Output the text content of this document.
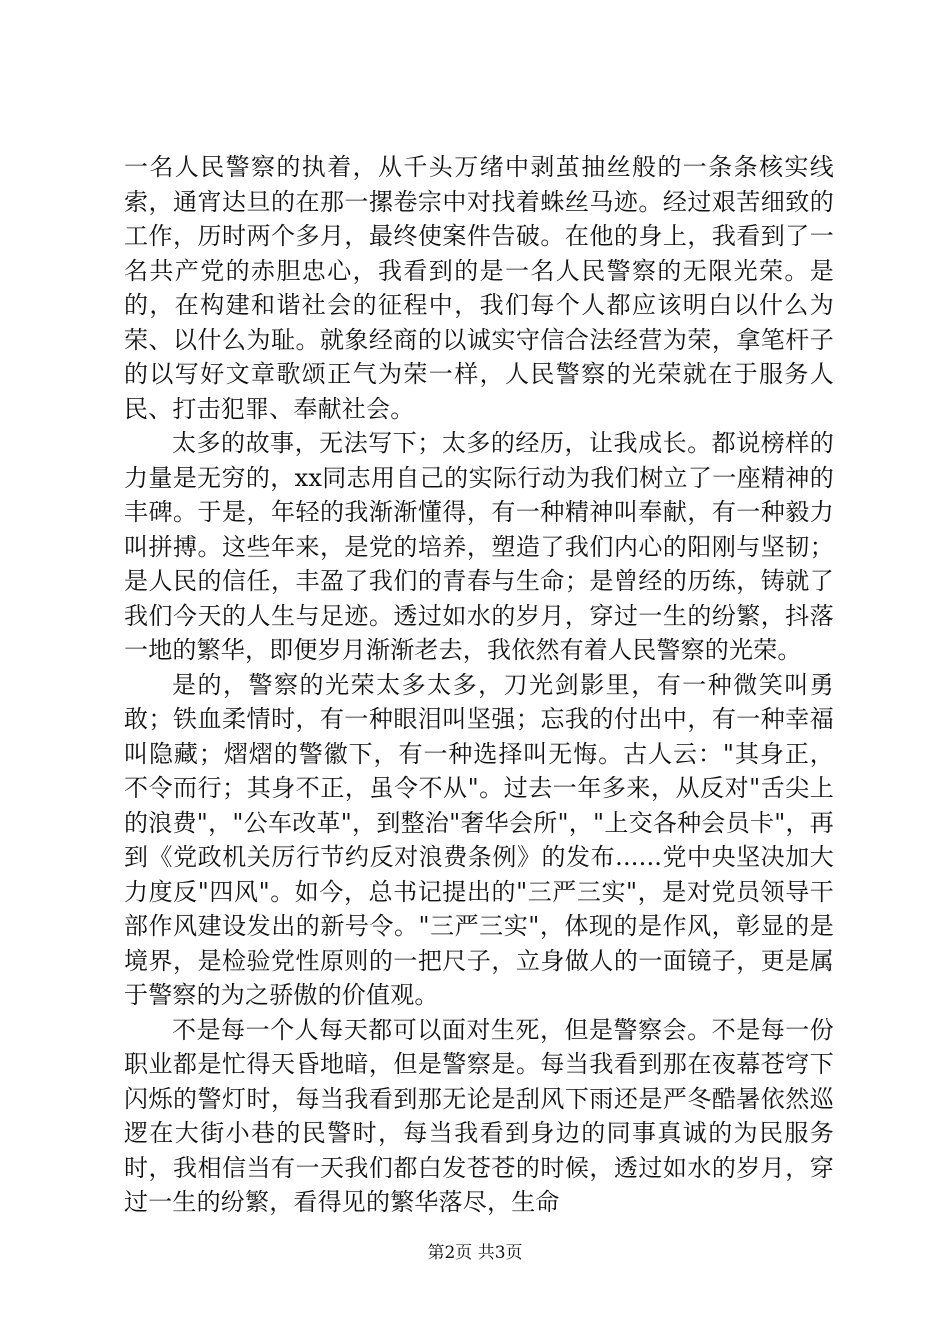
一名人民警察的执着，从千头万绪中剥茧抽丝般的一条条核实线索，通宵达旦的在那一摞卷宗中对找着蛛丝马迹。经过艰苦细致的工作，历时两个多月，最终使案件告破。在他的身上，我看到了一名共产党的赤胆忠心，我看到的是一名人民警察的无限光荣。是的，在构建和谐社会的征程中，我们每个人都应该明白以什么为荣、以什么为耻。就象经商的以诚实守信合法经营为荣，拿笔杆子的以写好文章歌颂正气为荣一样，人民警察的光荣就在于服务人民、打击犯罪、奉献社会。

太多的故事，无法写下；太多的经历，让我成长。都说榜样的力量是无穷的，xx同志用自己的实际行动为我们树立了一座精神的丰碑。于是，年轻的我渐渐懂得，有一种精神叫奉献，有一种毅力叫拼搏。这些年来，是党的培养，塑造了我们内心的阳刚与坚韧；是人民的信任，丰盈了我们的青春与生命；是曾经的历练，铸就了我们今天的人生与足迹。透过如水的岁月，穿过一生的纷繁，抖落一地的繁华，即便岁月渐渐老去，我依然有着人民警察的光荣。

是的，警察的光荣太多太多，刀光剑影里，有一种微笑叫勇敢；铁血柔情时，有一种眼泪叫坚强；忘我的付出中，有一种幸福叫隐藏；熠熠的警徽下，有一种选择叫无悔。古人云："其身正，不令而行；其身不正，虽令不从"。过去一年多来，从反对"舌尖上的浪费"，"公车改革"，到整治"奢华会所"，"上交各种会员卡"，再到《党政机关厉行节约反对浪费条例》的发布......党中央坚决加大力度反"四风"。如今，总书记提出的"三严三实"，是对党员领导干部作风建设发出的新号令。"三严三实"，体现的是作风，彰显的是境界，是检验党性原则的一把尺子，立身做人的一面镜子，更是属于警察的为之骄傲的价值观。

不是每一个人每天都可以面对生死，但是警察会。不是每一份职业都是忙得天昏地暗，但是警察是。每当我看到那在夜幕苍穹下闪烁的警灯时，每当我看到那无论是刮风下雨还是严冬酷暑依然巡逻在大街小巷的民警时，每当我看到身边的同事真诚的为民服务时，我相信当有一天我们都白发苍苍的时候，透过如水的岁月，穿过一生的纷繁，看得见的繁华落尽，生命

第2页 共3页
